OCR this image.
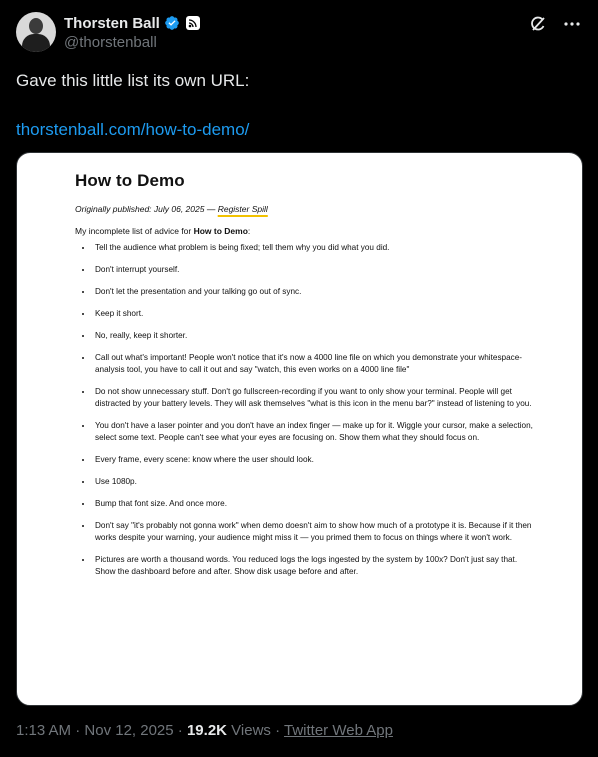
Thorsten Ball
@thorstenball
Gave this little list its own URL:
thorstenball.com/how-to-demo/
How to Demo
Originally published: July 06, 2025 — Register Spill
My incomplete list of advice for How to Demo:
• Tell the audience what problem is being fixed; tell them why you did what you did.
• Don't interrupt yourself.
• Don't let the presentation and your talking go out of sync.
• Keep it short.
• No, really, keep it shorter.
• Call out what's important! People won't notice that it's now a 4000 line file on which you demonstrate your whitespace-analysis tool, you have to call it out and say "watch, this even works on a 4000 line file"
• Do not show unnecessary stuff. Don't go fullscreen-recording if you want to only show your terminal. People will get distracted by your battery levels. They will ask themselves "what is this icon in the menu bar?" instead of listening to you.
• You don't have a laser pointer and you don't have an index finger — make up for it. Wiggle your cursor, make a selection, select some text. People can't see what your eyes are focusing on. Show them what they should focus on.
• Every frame, every scene: know where the user should look.
• Use 1080p.
• Bump that font size. And once more.
• Don't say "it's probably not gonna work" when demo doesn't aim to show how much of a prototype it is. Because if it then works despite your warning, your audience might miss it — you primed them to focus on things where it won't work.
• Pictures are worth a thousand words. You reduced logs the logs ingested by the system by 100x? Don't just say that. Show the dashboard before and after. Show disk usage before and after.
1:13 AM · Nov 12, 2025 · 19.2K Views · Twitter Web App
